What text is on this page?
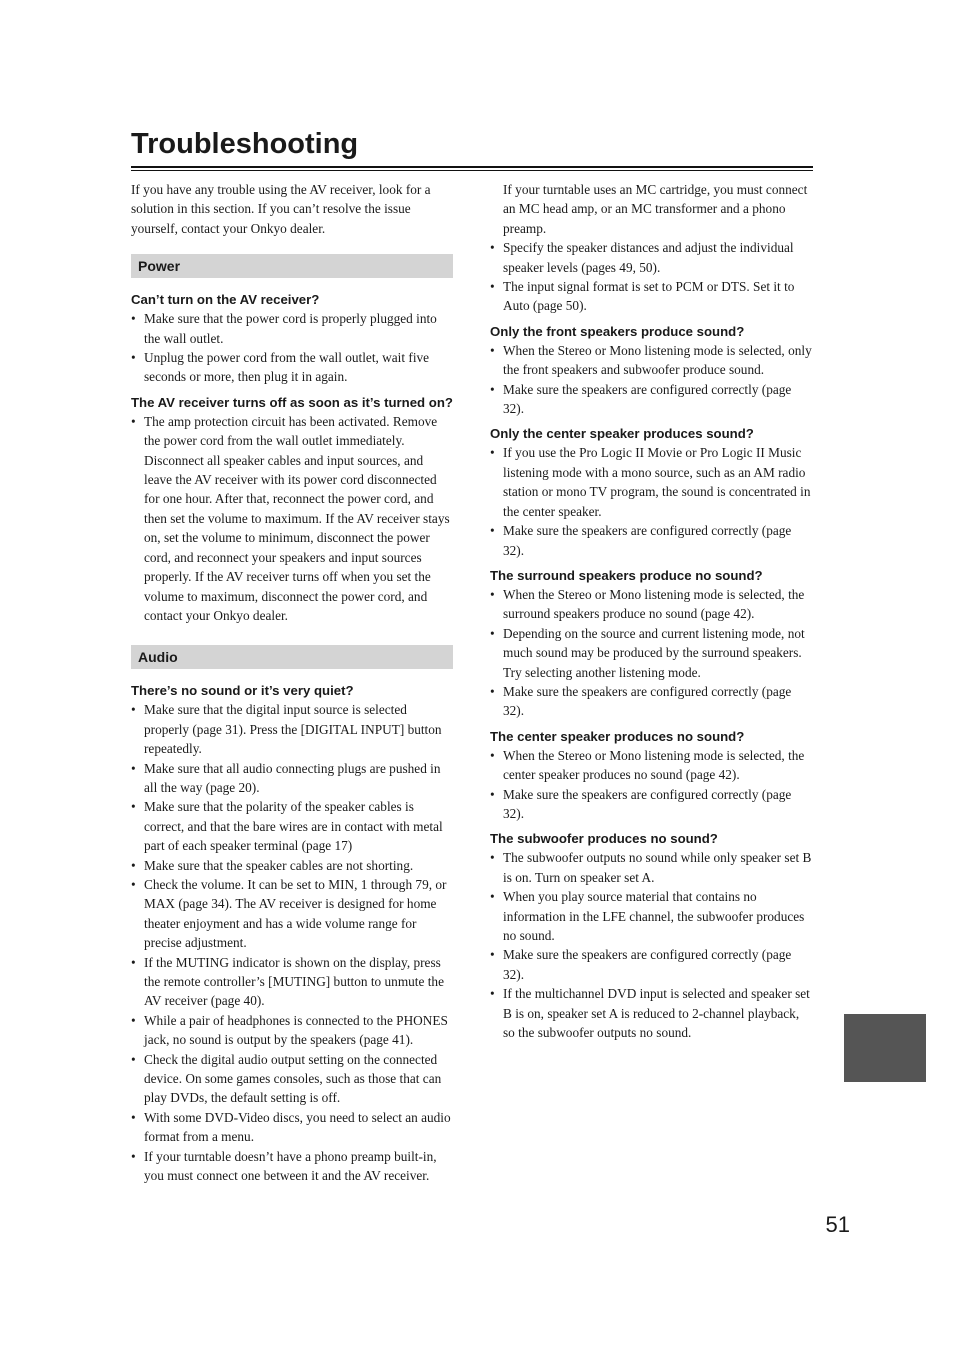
Troubleshooting

If you have any trouble using the AV receiver, look for a solution in this section. If you can’t resolve the issue yourself, contact your Onkyo dealer.

Power
Can’t turn on the AV receiver?
• Make sure that the power cord is properly plugged into the wall outlet.
• Unplug the power cord from the wall outlet, wait five seconds or more, then plug it in again.
The AV receiver turns off as soon as it’s turned on?
• The amp protection circuit has been activated. Remove the power cord from the wall outlet immediately. Disconnect all speaker cables and input sources, and leave the AV receiver with its power cord disconnected for one hour. After that, reconnect the power cord, and then set the volume to maximum. If the AV receiver stays on, set the volume to minimum, disconnect the power cord, and reconnect your speakers and input sources properly. If the AV receiver turns off when you set the volume to maximum, disconnect the power cord, and contact your Onkyo dealer.
Audio
There’s no sound or it’s very quiet?
• Make sure that the digital input source is selected properly (page 31). Press the [DIGITAL INPUT] button repeatedly.
• Make sure that all audio connecting plugs are pushed in all the way (page 20).
• Make sure that the polarity of the speaker cables is correct, and that the bare wires are in contact with metal part of each speaker terminal (page 17)
• Make sure that the speaker cables are not shorting.
• Check the volume. It can be set to MIN, 1 through 79, or MAX (page 34). The AV receiver is designed for home theater enjoyment and has a wide volume range for precise adjustment.
• If the MUTING indicator is shown on the display, press the remote controller’s [MUTING] button to unmute the AV receiver (page 40).
• While a pair of headphones is connected to the PHONES jack, no sound is output by the speakers (page 41).
• Check the digital audio output setting on the connected device. On some games consoles, such as those that can play DVDs, the default setting is off.
• With some DVD-Video discs, you need to select an audio format from a menu.
• If your turntable doesn’t have a phono preamp built-in, you must connect one between it and the AV receiver.

If your turntable uses an MC cartridge, you must connect an MC head amp, or an MC transformer and a phono preamp.

• Specify the speaker distances and adjust the individual speaker levels (pages 49, 50).
• The input signal format is set to PCM or DTS. Set it to Auto (page 50).
Only the front speakers produce sound?
• When the Stereo or Mono listening mode is selected, only the front speakers and subwoofer produce sound.
• Make sure the speakers are configured correctly (page 32).
Only the center speaker produces sound?
• If you use the Pro Logic II Movie or Pro Logic II Music listening mode with a mono source, such as an AM radio station or mono TV program, the sound is concentrated in the center speaker.
• Make sure the speakers are configured correctly (page 32).
The surround speakers produce no sound?
• When the Stereo or Mono listening mode is selected, the surround speakers produce no sound (page 42).
• Depending on the source and current listening mode, not much sound may be produced by the surround speakers. Try selecting another listening mode.
• Make sure the speakers are configured correctly (page 32).
The center speaker produces no sound?
• When the Stereo or Mono listening mode is selected, the center speaker produces no sound (page 42).
• Make sure the speakers are configured correctly (page 32).
The subwoofer produces no sound?
• The subwoofer outputs no sound while only speaker set B is on. Turn on speaker set A.
• When you play source material that contains no information in the LFE channel, the subwoofer produces no sound.
• Make sure the speakers are configured correctly (page 32).
• If the multichannel DVD input is selected and speaker set B is on, speaker set A is reduced to 2-channel playback, so the subwoofer outputs no sound.
51
